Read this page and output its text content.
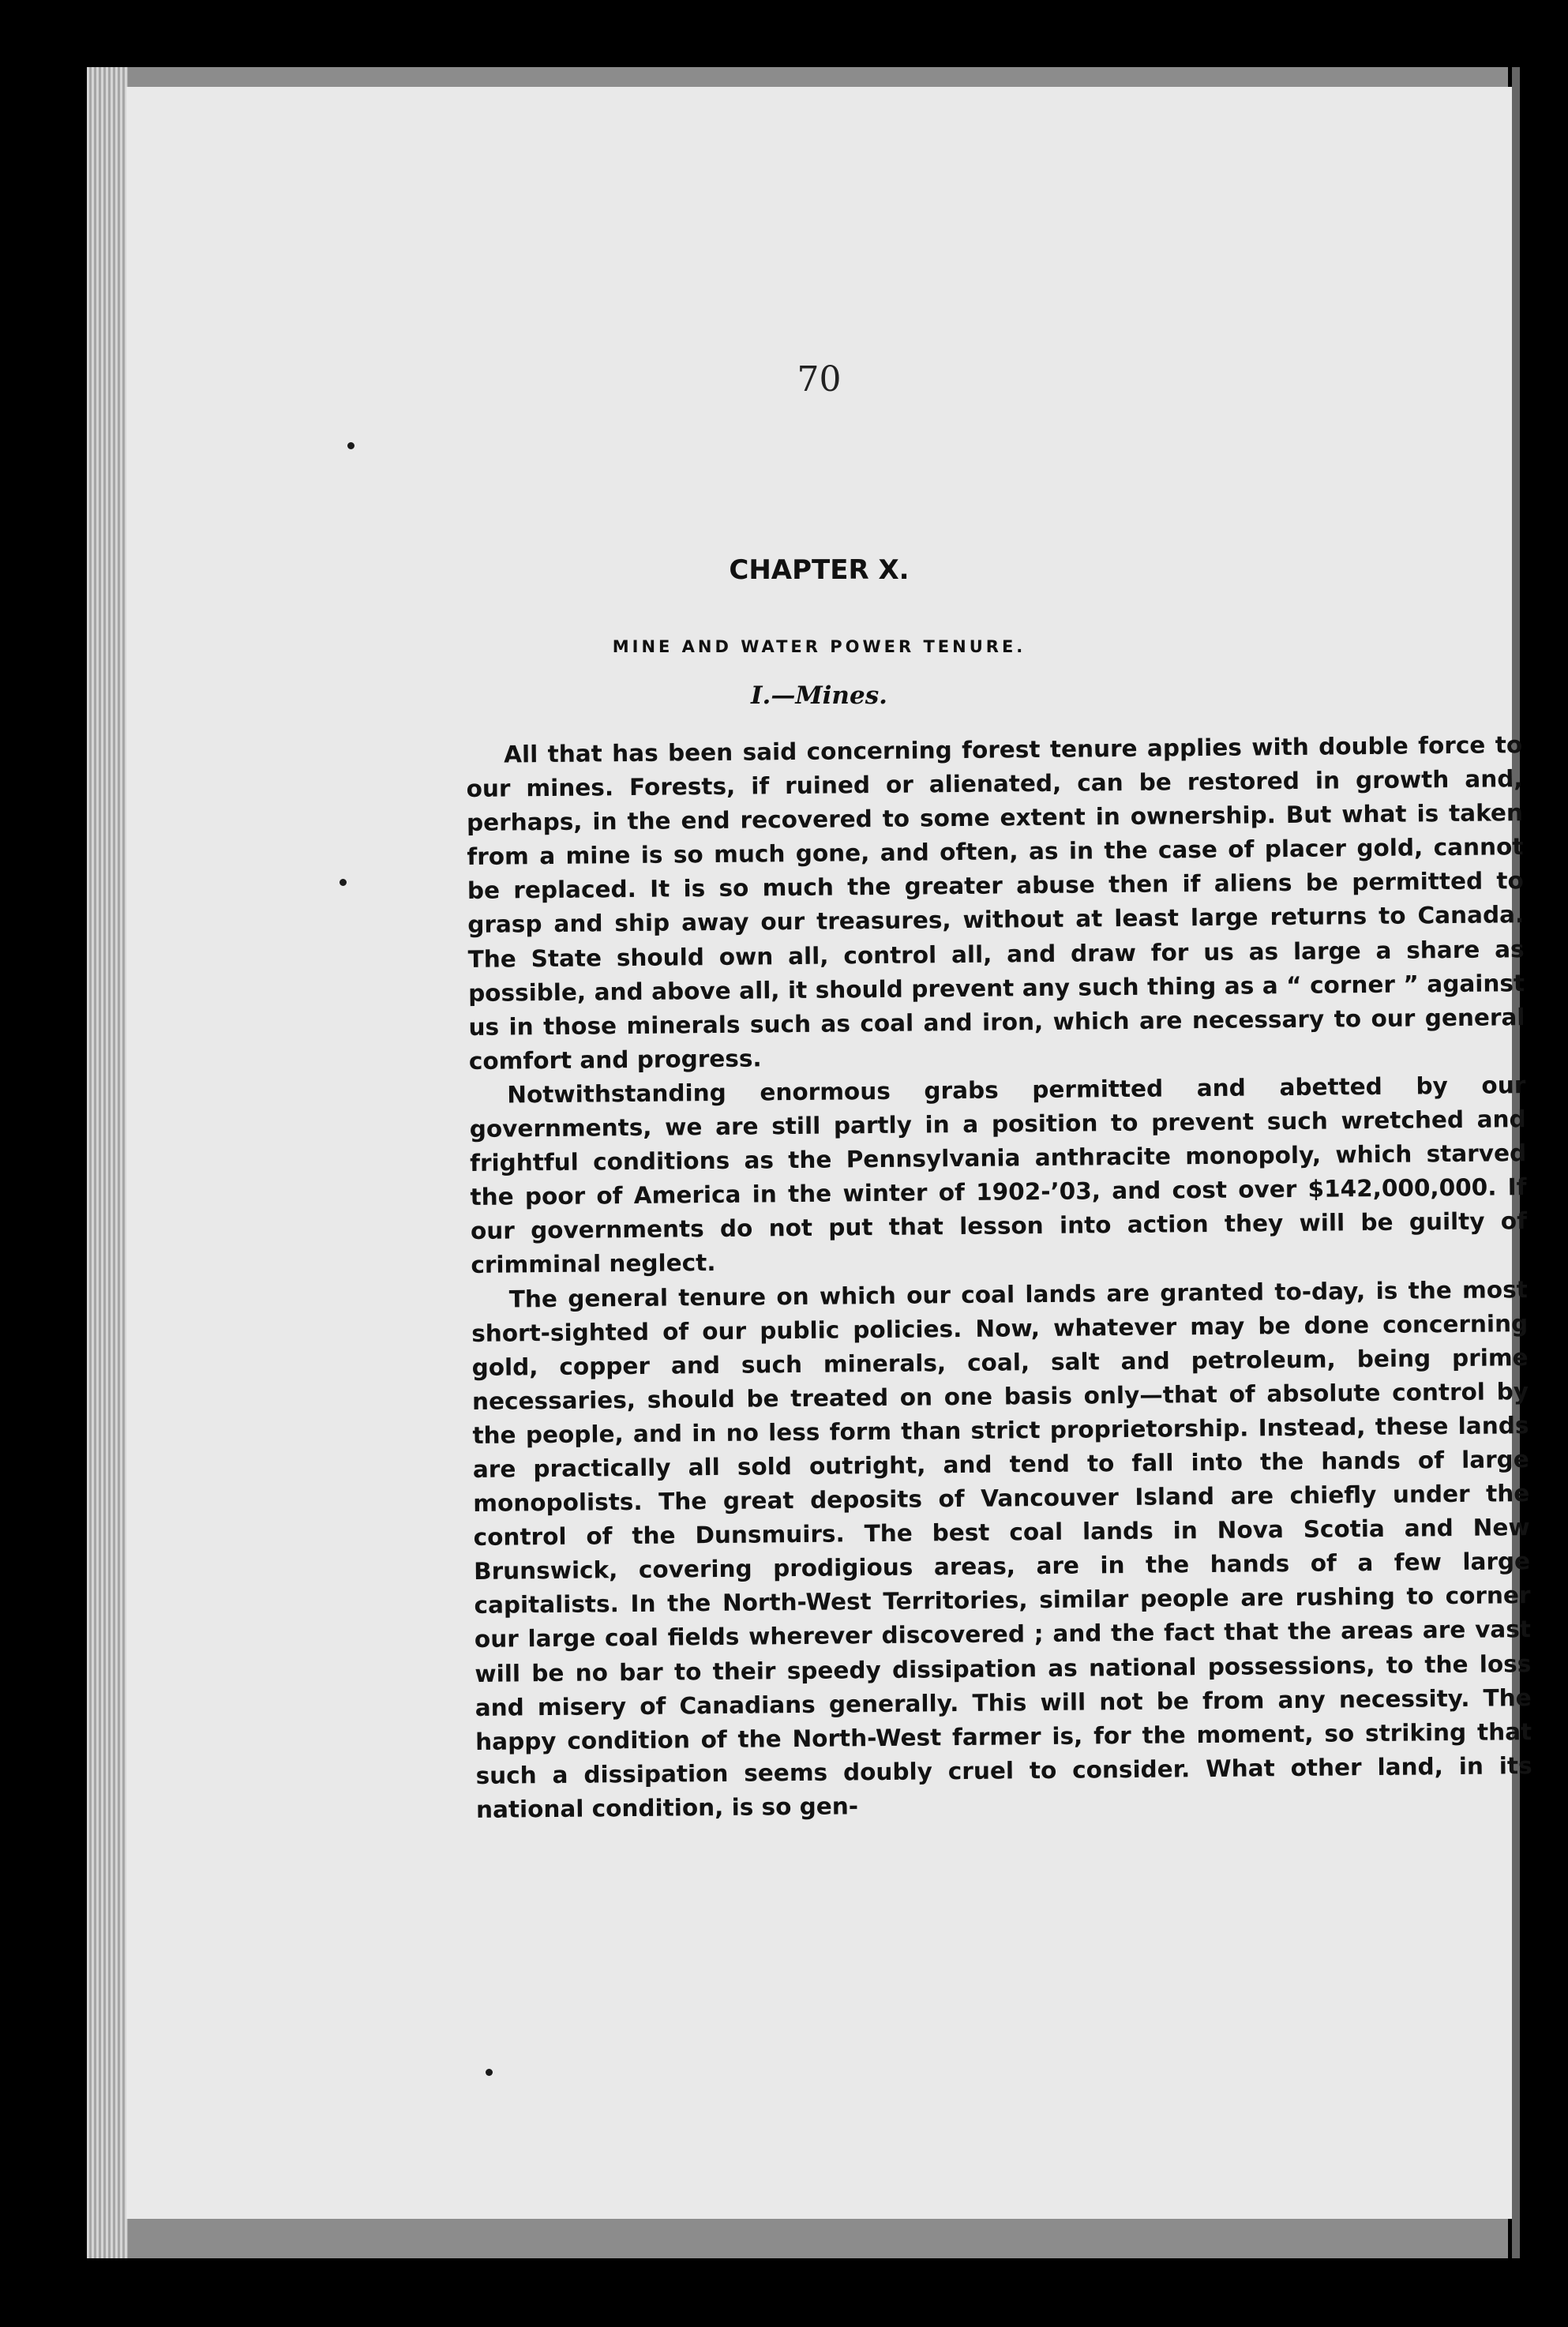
70
CHAPTER X.
MINE AND WATER POWER TENURE.
I.—Mines.

All that has been said concerning forest tenure applies with double force to our mines. Forests, if ruined or alienated, can be restored in growth and, perhaps, in the end recovered to some extent in ownership. But what is taken from a mine is so much gone, and often, as in the case of placer gold, cannot be replaced. It is so much the greater abuse then if aliens be permitted to grasp and ship away our treasures, without at least large returns to Canada. The State should own all, control all, and draw for us as large a share as possible, and above all, it should prevent any such thing as a “ corner ” against us in those minerals such as coal and iron, which are necessary to our general comfort and progress.

Notwithstanding enormous grabs permitted and abetted by our governments, we are still partly in a position to prevent such wretched and frightful conditions as the Pennsylvania anthracite monopoly, which starved the poor of America in the winter of 1902-’03, and cost over $142,000,000. If our governments do not put that lesson into action they will be guilty of crimminal neglect.

The general tenure on which our coal lands are granted to-day, is the most short-sighted of our public policies. Now, whatever may be done concerning gold, copper and such minerals, coal, salt and petroleum, being prime necessaries, should be treated on one basis only—that of absolute control by the people, and in no less form than strict proprietorship. Instead, these lands are practically all sold outright, and tend to fall into the hands of large monopolists. The great deposits of Vancouver Island are chiefly under the control of the Dunsmuirs. The best coal lands in Nova Scotia and New Brunswick, covering prodigious areas, are in the hands of a few large capitalists. In the North-West Territories, similar people are rushing to corner our large coal fields wherever discovered ; and the fact that the areas are vast will be no bar to their speedy dissipation as national possessions, to the loss and misery of Canadians generally. This will not be from any necessity. The happy condition of the North-West farmer is, for the moment, so striking that such a dissipation seems doubly cruel to consider. What other land, in its national condition, is so gen-
